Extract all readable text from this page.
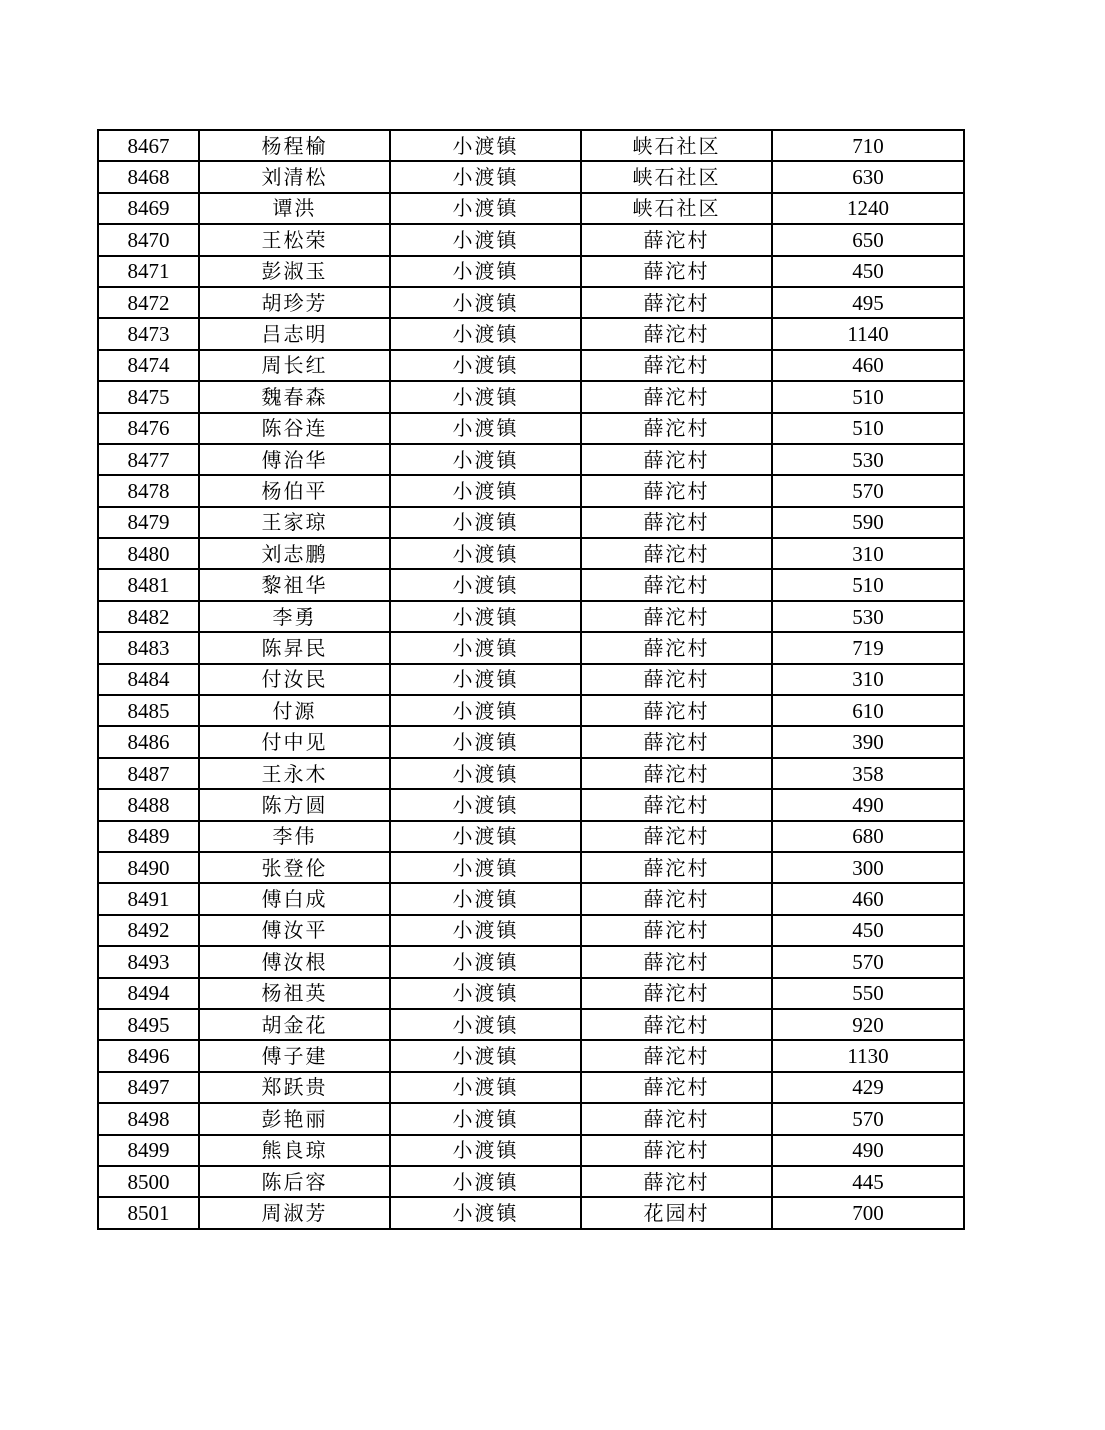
8467	杨程榆	小渡镇	峡石社区	710
8468	刘清松	小渡镇	峡石社区	630
8469	谭洪	小渡镇	峡石社区	1240
8470	王松荣	小渡镇	薛沱村	650
8471	彭淑玉	小渡镇	薛沱村	450
8472	胡珍芳	小渡镇	薛沱村	495
8473	吕志明	小渡镇	薛沱村	1140
8474	周长红	小渡镇	薛沱村	460
8475	魏春森	小渡镇	薛沱村	510
8476	陈谷连	小渡镇	薛沱村	510
8477	傅治华	小渡镇	薛沱村	530
8478	杨伯平	小渡镇	薛沱村	570
8479	王家琼	小渡镇	薛沱村	590
8480	刘志鹏	小渡镇	薛沱村	310
8481	黎祖华	小渡镇	薛沱村	510
8482	李勇	小渡镇	薛沱村	530
8483	陈昇民	小渡镇	薛沱村	719
8484	付汝民	小渡镇	薛沱村	310
8485	付源	小渡镇	薛沱村	610
8486	付中见	小渡镇	薛沱村	390
8487	王永木	小渡镇	薛沱村	358
8488	陈方圆	小渡镇	薛沱村	490
8489	李伟	小渡镇	薛沱村	680
8490	张登伦	小渡镇	薛沱村	300
8491	傅白成	小渡镇	薛沱村	460
8492	傅汝平	小渡镇	薛沱村	450
8493	傅汝根	小渡镇	薛沱村	570
8494	杨祖英	小渡镇	薛沱村	550
8495	胡金花	小渡镇	薛沱村	920
8496	傅子建	小渡镇	薛沱村	1130
8497	郑跃贵	小渡镇	薛沱村	429
8498	彭艳丽	小渡镇	薛沱村	570
8499	熊良琼	小渡镇	薛沱村	490
8500	陈后容	小渡镇	薛沱村	445
8501	周淑芳	小渡镇	花园村	700
